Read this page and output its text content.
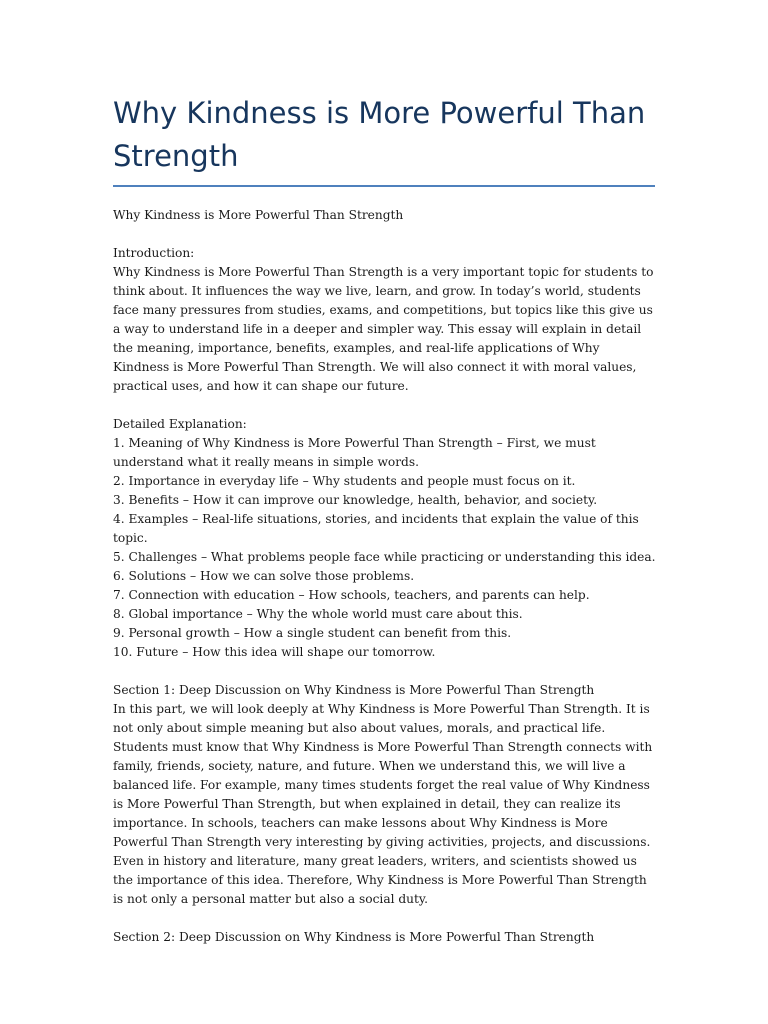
Why Kindness is More Powerful Than Strength

Why Kindness is More Powerful Than Strength

Introduction:

Why Kindness is More Powerful Than Strength is a very important topic for students to think about. It influences the way we live, learn, and grow. In today’s world, students face many pressures from studies, exams, and competitions, but topics like this give us a way to understand life in a deeper and simpler way. This essay will explain in detail the meaning, importance, benefits, examples, and real-life applications of Why Kindness is More Powerful Than Strength. We will also connect it with moral values, practical uses, and how it can shape our future.

Detailed Explanation:

1. Meaning of Why Kindness is More Powerful Than Strength – First, we must understand what it really means in simple words.
2. Importance in everyday life – Why students and people must focus on it.
3. Benefits – How it can improve our knowledge, health, behavior, and society.
4. Examples – Real-life situations, stories, and incidents that explain the value of this topic.
5. Challenges – What problems people face while practicing or understanding this idea.
6. Solutions – How we can solve those problems.
7. Connection with education – How schools, teachers, and parents can help.
8. Global importance – Why the whole world must care about this.
9. Personal growth – How a single student can benefit from this.
10. Future – How this idea will shape our tomorrow.

Section 1: Deep Discussion on Why Kindness is More Powerful Than Strength

In this part, we will look deeply at Why Kindness is More Powerful Than Strength. It is not only about simple meaning but also about values, morals, and practical life. Students must know that Why Kindness is More Powerful Than Strength connects with family, friends, society, nature, and future. When we understand this, we will live a balanced life. For example, many times students forget the real value of Why Kindness is More Powerful Than Strength, but when explained in detail, they can realize its importance. In schools, teachers can make lessons about Why Kindness is More Powerful Than Strength very interesting by giving activities, projects, and discussions. Even in history and literature, many great leaders, writers, and scientists showed us the importance of this idea. Therefore, Why Kindness is More Powerful Than Strength is not only a personal matter but also a social duty.

Section 2: Deep Discussion on Why Kindness is More Powerful Than Strength
